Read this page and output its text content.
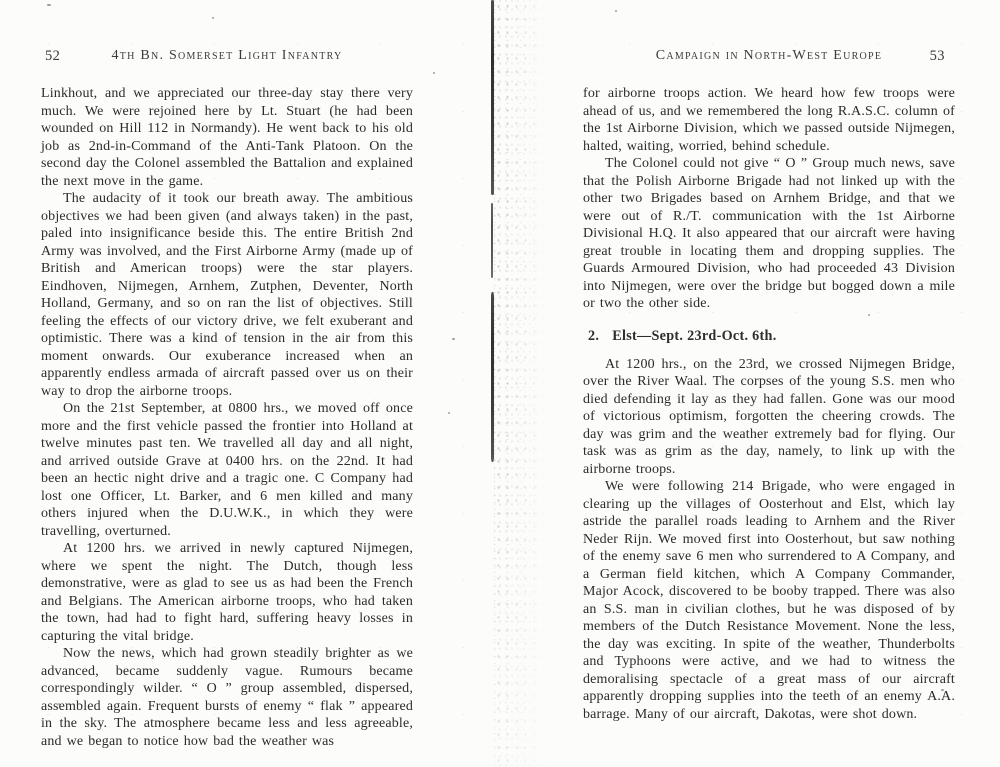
52	4th Bn. Somerset Light Infantry

Linkhout, and we appreciated our three-day stay there very much. We were rejoined here by Lt. Stuart (he had been wounded on Hill 112 in Normandy). He went back to his old job as 2nd-in-Command of the Anti-Tank Platoon. On the second day the Colonel assembled the Battalion and explained the next move in the game.

The audacity of it took our breath away. The ambitious objectives we had been given (and always taken) in the past, paled into insignificance beside this. The entire British 2nd Army was involved, and the First Airborne Army (made up of British and American troops) were the star players. Eindhoven, Nijmegen, Arnhem, Zutphen, Deventer, North Holland, Germany, and so on ran the list of objectives. Still feeling the effects of our victory drive, we felt exuberant and optimistic. There was a kind of tension in the air from this moment onwards. Our exuberance increased when an apparently endless armada of aircraft passed over us on their way to drop the airborne troops.

On the 21st September, at 0800 hrs., we moved off once more and the first vehicle passed the frontier into Holland at twelve minutes past ten. We travelled all day and all night, and arrived outside Grave at 0400 hrs. on the 22nd. It had been an hectic night drive and a tragic one. C Company had lost one Officer, Lt. Barker, and 6 men killed and many others injured when the D.U.W.K., in which they were travelling, overturned.

At 1200 hrs. we arrived in newly captured Nijmegen, where we spent the night. The Dutch, though less demonstrative, were as glad to see us as had been the French and Belgians. The American airborne troops, who had taken the town, had had to fight hard, suffering heavy losses in capturing the vital bridge.

Now the news, which had grown steadily brighter as we advanced, became suddenly vague. Rumours became correspondingly wilder. “ O ” group assembled, dispersed, assembled again. Frequent bursts of enemy “ flak ” appeared in the sky. The atmosphere became less and less agreeable, and we began to notice how bad the weather was

Campaign in North-West Europe	53

for airborne troops action. We heard how few troops were ahead of us, and we remembered the long R.A.S.C. column of the 1st Airborne Division, which we passed outside Nijmegen, halted, waiting, worried, behind schedule.

The Colonel could not give “ O ” Group much news, save that the Polish Airborne Brigade had not linked up with the other two Brigades based on Arnhem Bridge, and that we were out of R./T. communication with the 1st Airborne Divisional H.Q. It also appeared that our aircraft were having great trouble in locating them and dropping supplies. The Guards Armoured Division, who had proceeded 43 Division into Nijmegen, were over the bridge but bogged down a mile or two the other side.

2. Elst—Sept. 23rd-Oct. 6th.

At 1200 hrs., on the 23rd, we crossed Nijmegen Bridge, over the River Waal. The corpses of the young S.S. men who died defending it lay as they had fallen. Gone was our mood of victorious optimism, forgotten the cheering crowds. The day was grim and the weather extremely bad for flying. Our task was as grim as the day, namely, to link up with the airborne troops.

We were following 214 Brigade, who were engaged in clearing up the villages of Oosterhout and Elst, which lay astride the parallel roads leading to Arnhem and the River Neder Rijn. We moved first into Oosterhout, but saw nothing of the enemy save 6 men who surrendered to A Company, and a German field kitchen, which A Company Commander, Major Acock, discovered to be booby trapped. There was also an S.S. man in civilian clothes, but he was disposed of by members of the Dutch Resistance Movement. None the less, the day was exciting. In spite of the weather, Thunderbolts and Typhoons were active, and we had to witness the demoralising spectacle of a great mass of our aircraft apparently dropping supplies into the teeth of an enemy A.A. barrage. Many of our aircraft, Dakotas, were shot down.
